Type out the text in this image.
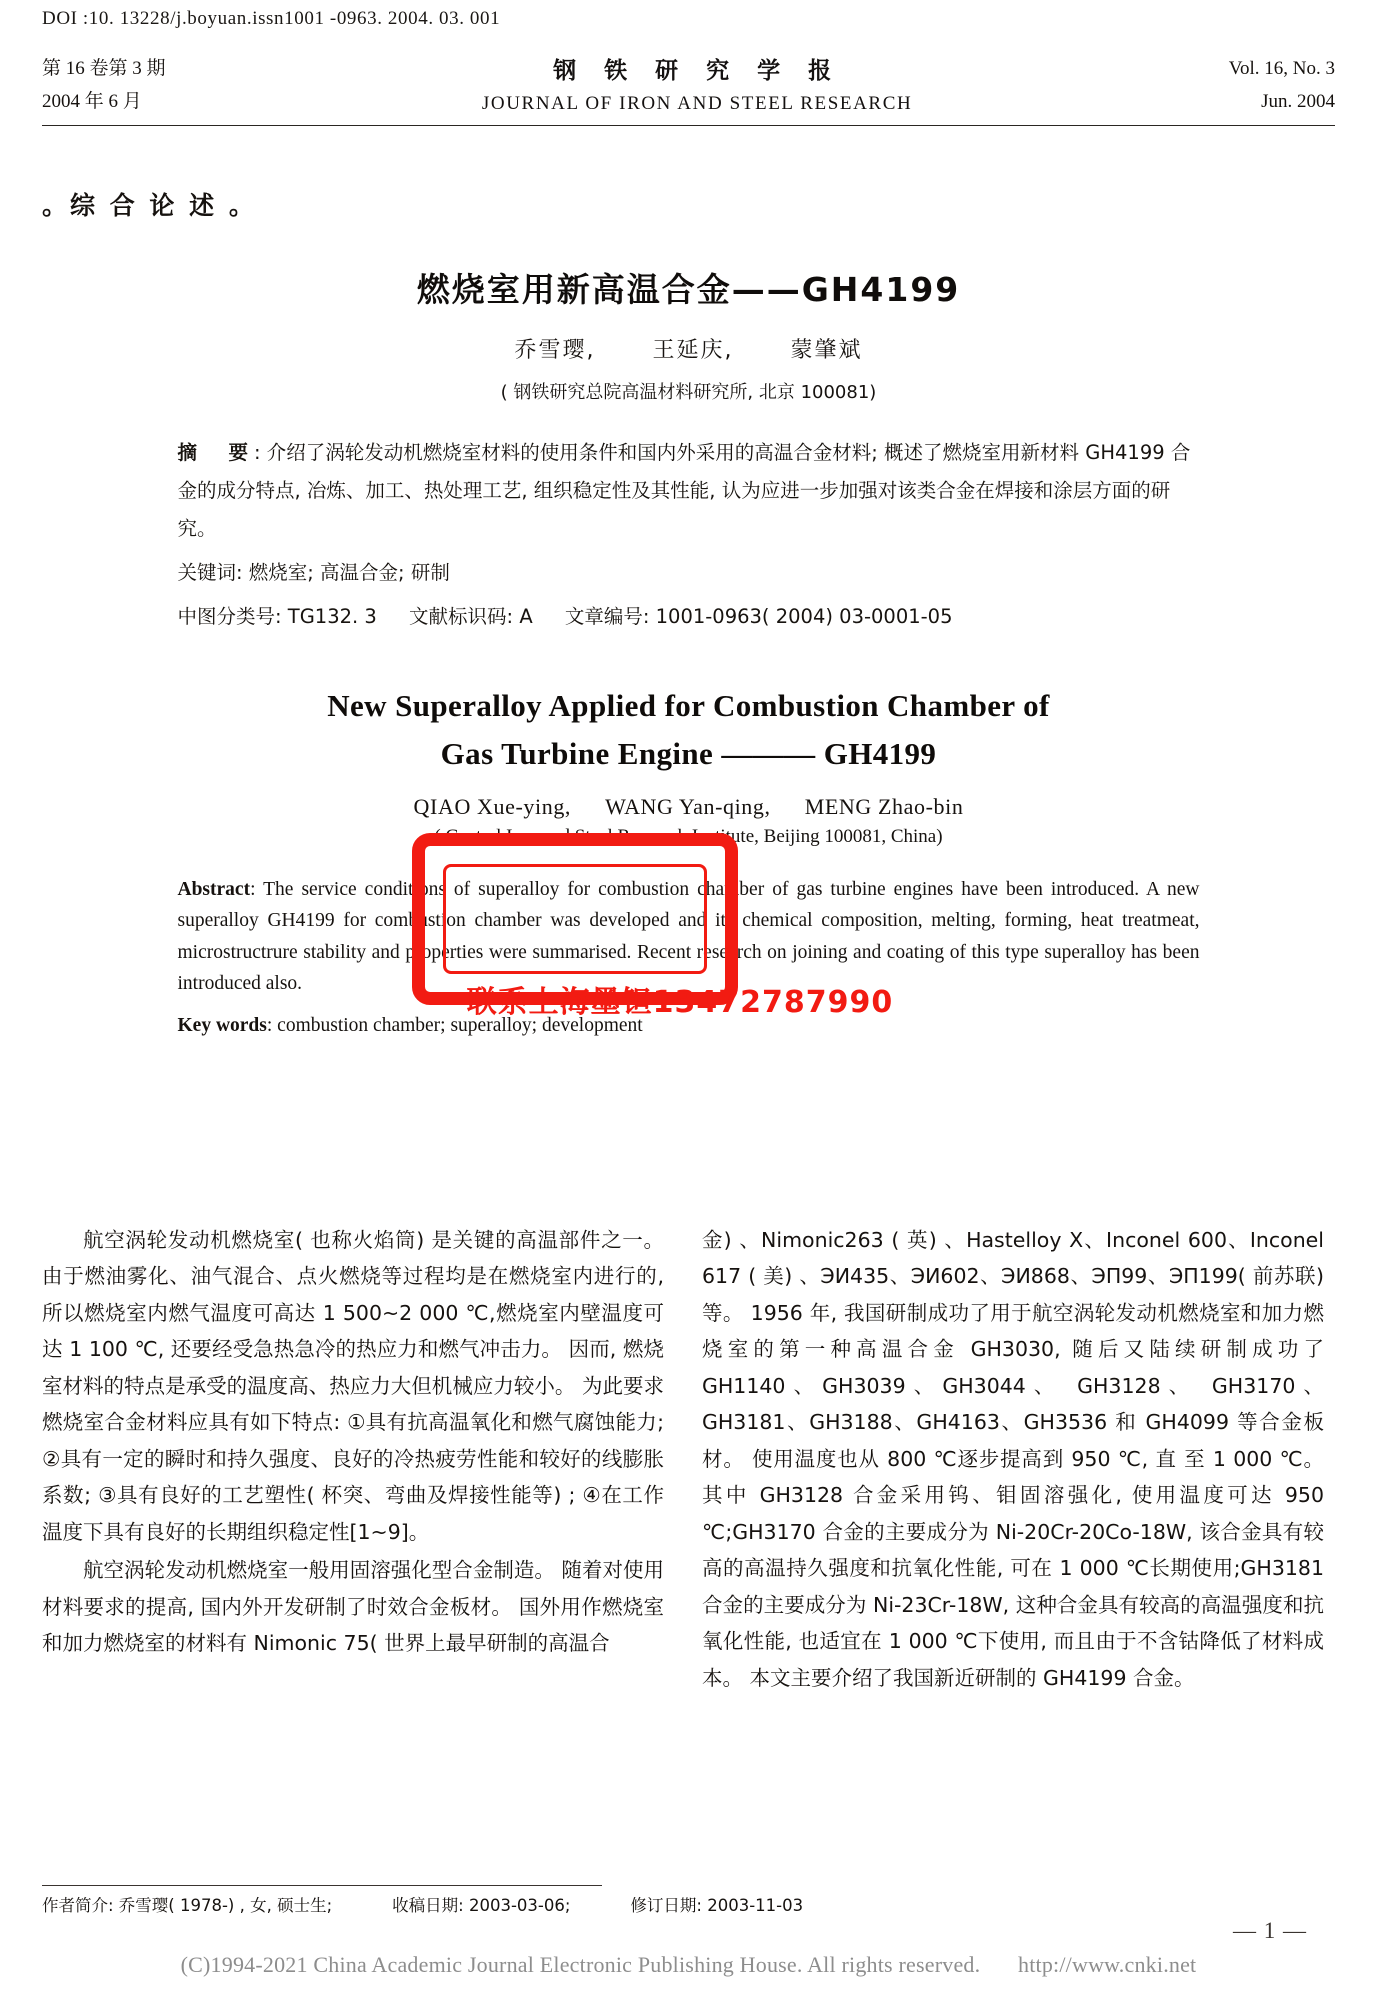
DOI :10. 13228/j.boyuan.issn1001 -0963. 2004. 03. 001
第 16 卷第 3 期
2004 年 6 月
钢 铁 研 究 学 报
JOURNAL OF IRON AND STEEL RESEARCH
Vol. 16, No. 3
Jun. 2004
。综 合 论 述 。
燃烧室用新高温合金——GH4199
乔雪璎,	王延庆,	蒙肇斌
( 钢铁研究总院高温材料研究所, 北京 100081)
摘　要: 介绍了涡轮发动机燃烧室材料的使用条件和国内外采用的高温合金材料; 概述了燃烧室用新材料 GH4199 合金的成分特点, 冶炼、加工、热处理工艺, 组织稳定性及其性能, 认为应进一步加强对该类合金在焊接和涂层方面的研究。
关键词: 燃烧室; 高温合金; 研制
中图分类号: TG132. 3 文献标识码: A 文章编号: 1001-0963( 2004) 03-0001-05
New Superalloy Applied for Combustion Chamber of
Gas Turbine Engine ——— GH4199
QIAO Xue-ying, WANG Yan-qing, MENG Zhao-bin
( Central Iron and Steel Research Institute, Beijing 100081, China)
Abstract: The service conditions of superalloy for combustion chamber of gas turbine engines have been introduced. A new superalloy GH4199 for combustion chamber was developed and its chemical composition, melting, forming, heat treatmeat, microstructrure stability and properties were summarised. Recent research on joining and coating of this type superalloy has been introduced also.
Key words: combustion chamber; superalloy; development

航空涡轮发动机燃烧室( 也称火焰筒) 是关键的高温部件之一。 由于燃油雾化、油气混合、点火燃烧等过程均是在燃烧室内进行的, 所以燃烧室内燃气温度可高达 1 500~2 000 ℃,燃烧室内壁温度可达 1 100 ℃, 还要经受急热急冷的热应力和燃气冲击力。 因而, 燃烧室材料的特点是承受的温度高、热应力大但机械应力较小。 为此要求燃烧室合金材料应具有如下特点: ①具有抗高温氧化和燃气腐蚀能力; ②具有一定的瞬时和持久强度、良好的冷热疲劳性能和较好的线膨胀系数; ③具有良好的工艺塑性( 杯突、弯曲及焊接性能等) ; ④在工作温度下具有良好的长期组织稳定性[1~9]。

航空涡轮发动机燃烧室一般用固溶强化型合金制造。 随着对使用材料要求的提高, 国内外开发研制了时效合金板材。 国外用作燃烧室和加力燃烧室的材料有 Nimonic 75( 世界上最早研制的高温合

金) 、Nimonic263 ( 英) 、Hastelloy X、Inconel 600、Inconel 617 ( 美) 、ЭИ435、ЭИ602、ЭИ868、ЭП99、ЭП199( 前苏联) 等。 1956 年, 我国研制成功了用于航空涡轮发动机燃烧室和加力燃烧室的第一种高温合金 GH3030, 随后又陆续研制成功了 GH1140、GH3039、GH3044、 GH3128、 GH3170、 GH3181、GH3188、GH4163、GH3536 和 GH4099 等合金板材。 使用温度也从 800 ℃逐步提高到 950 ℃, 直 至 1 000 ℃。 其中 GH3128 合金采用钨、钼固溶强化, 使用温度可达 950 ℃;GH3170 合金的主要成分为 Ni-20Cr-20Co-18W, 该合金具有较高的高温持久强度和抗氧化性能, 可在 1 000 ℃长期使用;GH3181 合金的主要成分为 Ni-23Cr-18W, 这种合金具有较高的高温强度和抗氧化性能, 也适宜在 1 000 ℃下使用, 而且由于不含钴降低了材料成本。 本文主要介绍了我国新近研制的 GH4199 合金。

作者简介: 乔雪璎( 1978-) , 女, 硕士生;	收稿日期: 2003-03-06;	修订日期: 2003-11-03
— 1 —
(C)1994-2021 China Academic Journal Electronic Publishing House. All rights reserved. http://www.cnki.net
联系上海墨钽13472787990
